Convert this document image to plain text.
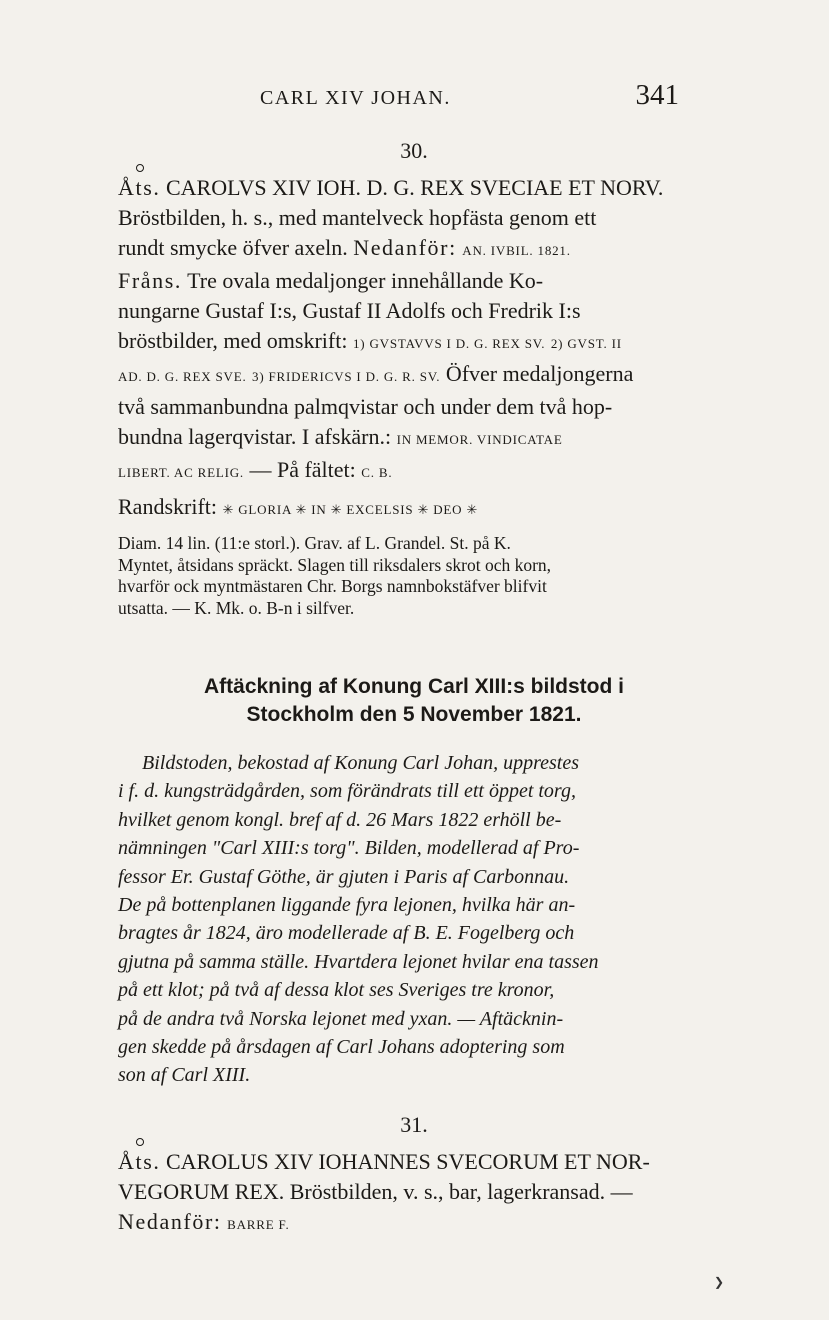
CARL XIV JOHAN.	341

30.

Åts. CAROLVS XIV IOH. D. G. REX SVECIAE ET NORV.

Bröstbilden, h. s., med mantelveck hopfästa genom ett

rundt smycke öfver axeln. Nedanför: AN. IVBIL. 1821.

Fråns. Tre ovala medaljonger innehållande Ko-

nungarne Gustaf I:s, Gustaf II Adolfs och Fredrik I:s

bröstbilder, med omskrift: 1) GVSTAVVS I D. G. REX SV. 2) GVST. II

AD. D. G. REX SVE. 3) FRIDERICVS I D. G. R. SV. Öfver medaljongerna

två sammanbundna palmqvistar och under dem två hop-

bundna lagerqvistar. I afskärn.: IN MEMOR. VINDICATAE

LIBERT. AC RELIG. — På fältet: C. B.

Randskrift: ✳ GLORIA ✳ IN ✳ EXCELSIS ✳ DEO ✳

Diam. 14 lin. (11:e storl.). Grav. af L. Grandel. St. på K.

Myntet, åtsidans spräckt. Slagen till riksdalers skrot och korn,

hvarför ock myntmästaren Chr. Borgs namnbokstäfver blifvit

utsatta. — K. Mk. o. B-n i silfver.

Aftäckning af Konung Carl XIII:s bildstod i

Stockholm den 5 November 1821.

Bildstoden, bekostad af Konung Carl Johan, upprestes

i f. d. kungsträdgården, som förändrats till ett öppet torg,

hvilket genom kongl. bref af d. 26 Mars 1822 erhöll be-

nämningen "Carl XIII:s torg". Bilden, modellerad af Pro-

fessor Er. Gustaf Göthe, är gjuten i Paris af Carbonnau.

De på bottenplanen liggande fyra lejonen, hvilka här an-

bragtes år 1824, äro modellerade af B. E. Fogelberg och

gjutna på samma ställe. Hvartdera lejonet hvilar ena tassen

på ett klot; på två af dessa klot ses Sveriges tre kronor,

på de andra två Norska lejonet med yxan. — Aftäcknin-

gen skedde på årsdagen af Carl Johans adoptering som

son af Carl XIII.

31.

Åts. CAROLUS XIV IOHANNES SVECORUM ET NOR-

VEGORUM REX. Bröstbilden, v. s., bar, lagerkransad. —

Nedanför: BARRE F.

❯
